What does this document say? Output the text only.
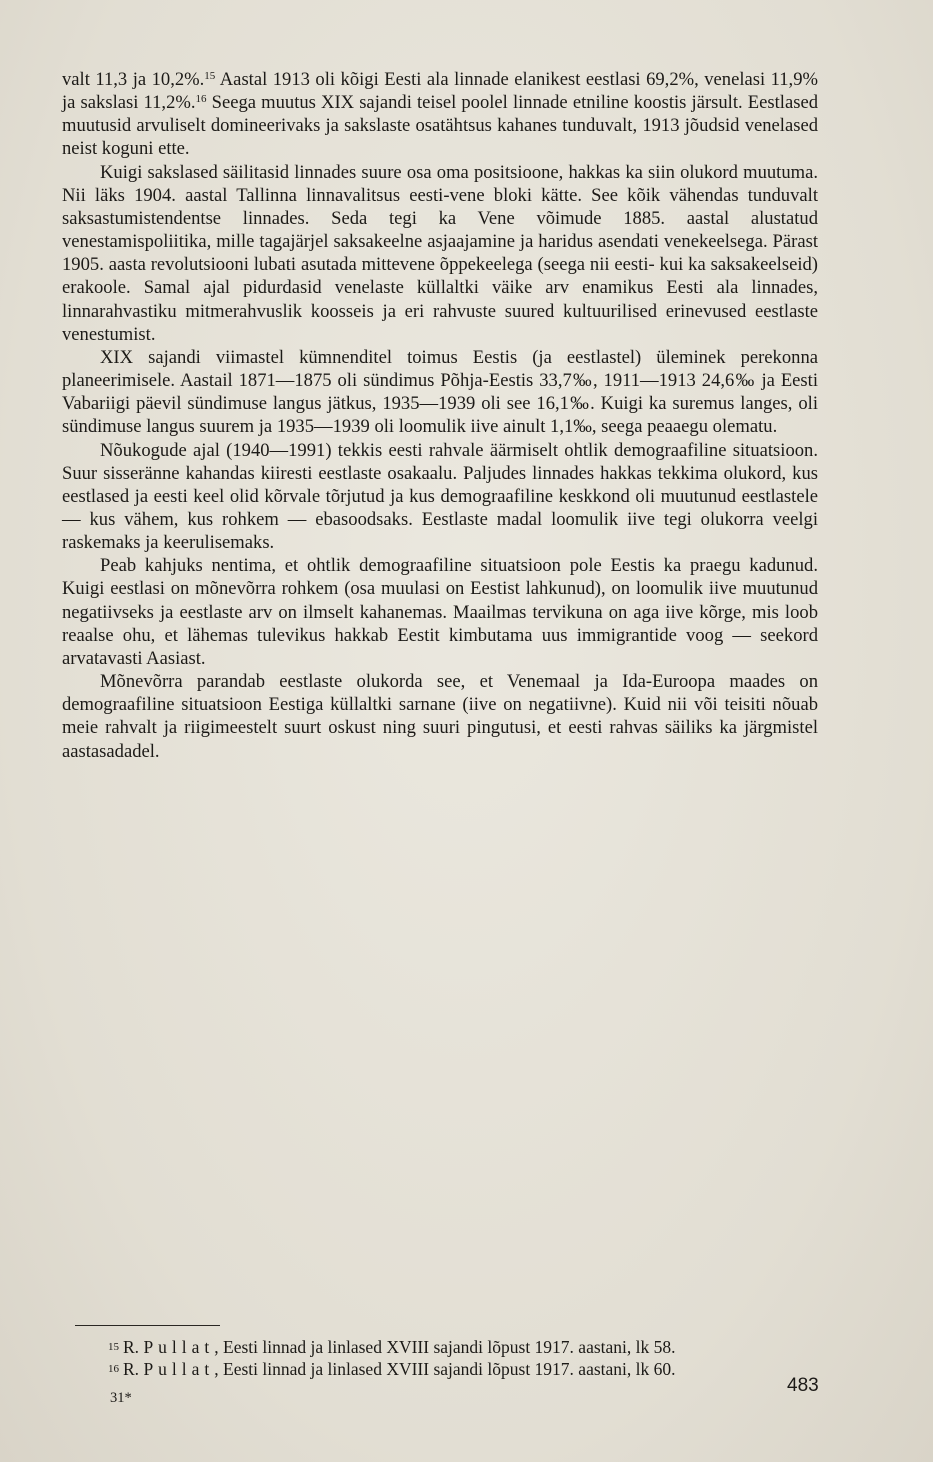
valt 11,3 ja 10,2%.$^{15}$ Aastal 1913 oli kõigi Eesti ala linnade elanikest eestlasi 69,2%, venelasi 11,9% ja sakslasi 11,2%.$^{16}$ Seega muutus XIX sajandi teisel poolel linnade etniline koostis järsult. Eestlased muutusid arvuliselt domineerivaks ja sakslaste osatähtsus kahanes tunduvalt, 1913 jõudsid venelased neist koguni ette.

Kuigi sakslased säilitasid linnades suure osa oma positsioone, hakkas ka siin olukord muutuma. Nii läks 1904. aastal Tallinna linnavalitsus eesti-vene bloki kätte. See kõik vähendas tunduvalt saksastumistendentse linnades. Seda tegi ka Vene võimude 1885. aastal alustatud venestamispoliitika, mille tagajärjel saksakeelne asjaajamine ja haridus asendati venekeelsega. Pärast 1905. aasta revolutsiooni lubati asutada mittevene õppekeelega (seega nii eesti- kui ka saksakeelseid) erakoole. Samal ajal pidurdasid venelaste küllaltki väike arv enamikus Eesti ala linnades, linnarahvastiku mitmerahvuslik koosseis ja eri rahvuste suured kultuurilised erinevused eestlaste venestumist.

XIX sajandi viimastel kümnenditel toimus Eestis (ja eestlastel) üleminek perekonna planeerimisele. Aastail 1871—1875 oli sündimus Põhja-Eestis 33,7‰, 1911—1913 24,6‰ ja Eesti Vabariigi päevil sündimuse langus jätkus, 1935—1939 oli see 16,1‰. Kuigi ka suremus langes, oli sündimuse langus suurem ja 1935—1939 oli loomulik iive ainult 1,1‰, seega peaaegu olematu.

Nõukogude ajal (1940—1991) tekkis eesti rahvale äärmiselt ohtlik demograafiline situatsioon. Suur sisseränne kahandas kiiresti eestlaste osakaalu. Paljudes linnades hakkas tekkima olukord, kus eestlased ja eesti keel olid kõrvale tõrjutud ja kus demograafiline keskkond oli muutunud eestlastele — kus vähem, kus rohkem — ebasoodsaks. Eestlaste madal loomulik iive tegi olukorra veelgi raskemaks ja keerulisemaks.

Peab kahjuks nentima, et ohtlik demograafiline situatsioon pole Eestis ka praegu kadunud. Kuigi eestlasi on mõnevõrra rohkem (osa muulasi on Eestist lahkunud), on loomulik iive muutunud negatiivseks ja eestlaste arv on ilmselt kahanemas. Maailmas tervikuna on aga iive kõrge, mis loob reaalse ohu, et lähemas tulevikus hakkab Eestit kimbutama uus immigrantide voog — seekord arvatavasti Aasiast.

Mõnevõrra parandab eestlaste olukorda see, et Venemaal ja Ida-Euroopa maades on demograafiline situatsioon Eestiga küllaltki sarnane (iive on negatiivne). Kuid nii või teisiti nõuab meie rahvalt ja riigimeestelt suurt oskust ning suuri pingutusi, et eesti rahvas säiliks ka järgmistel aastasadadel.

$^{15}$ R. Pullat, Eesti linnad ja linlased XVIII sajandi lõpust 1917. aastani, lk 58.
$^{16}$ R. Pullat, Eesti linnad ja linlased XVIII sajandi lõpust 1917. aastani, lk 60.
31*
483
